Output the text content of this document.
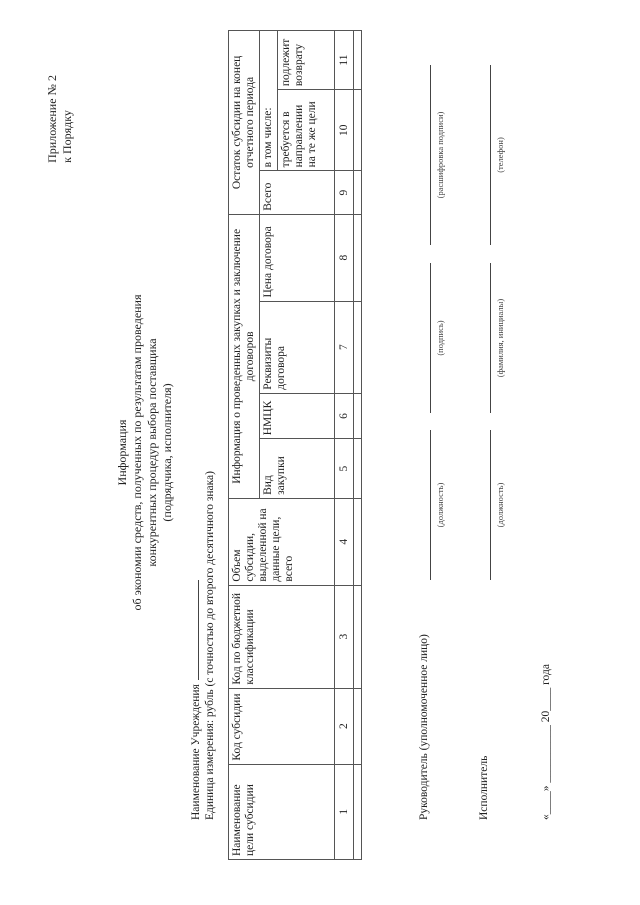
Приложение № 2 к Порядку
Информация об экономии средств, полученных по результатам проведения конкурентных процедур выбора поставщика (подрядчика, исполнителя)
Наименование Учреждения Единица измерения: рубль (с точностью до второго десятичного знака)
Наименование цели субсидии	Код субсидии	Код по бюджетной классификации	Объем субсидии, выделенной на данные цели, всего	Информация о проведенных закупках и заключение договоров				Остаток субсидии на конец отчетного периода		
				Вид закупки	НМЦК	Реквизиты договора	Цена договора	Всего	в том числе:	
									требуется в направлении на те же цели	подлежит возврату
1	2	3	4	5	6	7	8	9	10	11

Руководитель (уполномоченное лицо)
(должность)
(подпись)
(расшифровка подписи)
Исполнитель
(должность)
(фамилия, инициалы)
(телефон)
«____» __________ 20____ года
